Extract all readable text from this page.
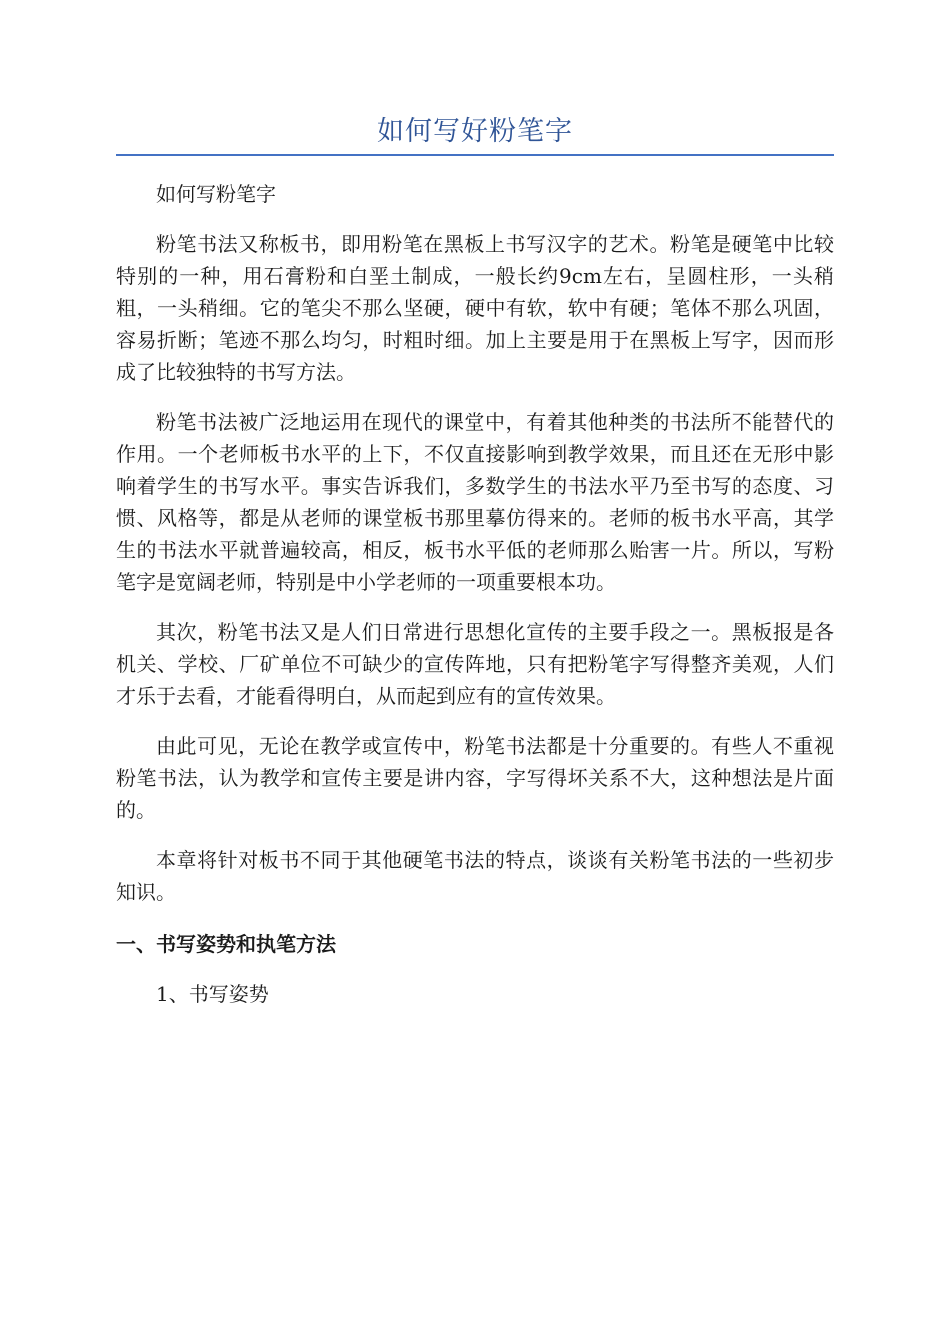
如何写好粉笔字

如何写粉笔字

粉笔书法又称板书，即用粉笔在黑板上书写汉字的艺术。粉笔是硬笔中比较特别的一种，用石膏粉和白垩土制成，一般长约9cm左右，呈圆柱形，一头稍粗，一头稍细。它的笔尖不那么坚硬，硬中有软，软中有硬；笔体不那么巩固，容易折断；笔迹不那么均匀，时粗时细。加上主要是用于在黑板上写字，因而形成了比较独特的书写方法。

粉笔书法被广泛地运用在现代的课堂中，有着其他种类的书法所不能替代的作用。一个老师板书水平的上下，不仅直接影响到教学效果，而且还在无形中影响着学生的书写水平。事实告诉我们，多数学生的书法水平乃至书写的态度、习惯、风格等，都是从老师的课堂板书那里摹仿得来的。老师的板书水平高，其学生的书法水平就普遍较高，相反，板书水平低的老师那么贻害一片。所以，写粉笔字是宽阔老师，特别是中小学老师的一项重要根本功。

其次，粉笔书法又是人们日常进行思想化宣传的主要手段之一。黑板报是各机关、学校、厂矿单位不可缺少的宣传阵地，只有把粉笔字写得整齐美观，人们才乐于去看，才能看得明白，从而起到应有的宣传效果。

由此可见，无论在教学或宣传中，粉笔书法都是十分重要的。有些人不重视粉笔书法，认为教学和宣传主要是讲内容，字写得坏关系不大，这种想法是片面的。

本章将针对板书不同于其他硬笔书法的特点，谈谈有关粉笔书法的一些初步知识。

一、书写姿势和执笔方法

1、书写姿势
